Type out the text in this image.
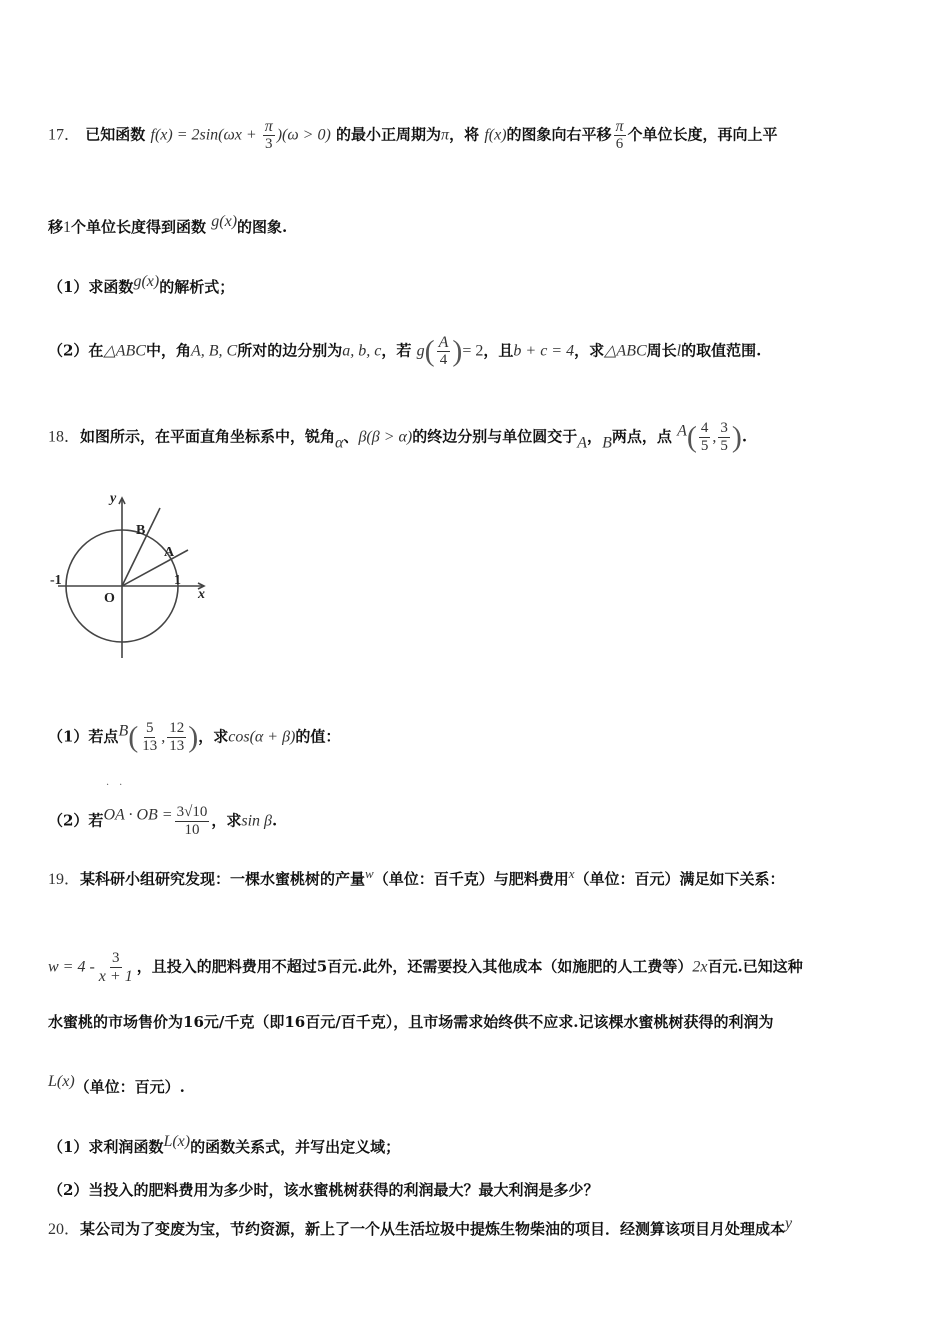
17． 已知函数 $f(x) = 2\sin(\omega x + \frac{\pi}{3} )(\omega > 0)$ 的最小正周期为π，将 f(x)的图象向右平移 $\frac{\pi}{6}$ 个单位长度，再向上平
移1个单位长度得到函数 g(x)的图象.
（1）求函数g(x)的解析式；
（2）在△ABC中，角A, B, C所对的边分别为a, b, c，若 $g( \frac{A}{4}$ )= 2，且b + c = 4，求△ABC周长l的取值范围.
18．如图所示，在平面直角坐标系中，锐角α、β(β > α)的终边分别与单位圆交于A，B两点，点 $A( \frac{4}{5}$ , $\frac{3}{5}$ ).
y
x
O
B
A
-1	1
（1）若点$B( \frac{5}{13}$ , $\frac{12}{13}$ )，求cos(α + β)的值：
·　·
（2）若OA · OB = $\frac{3√10}{10}$ ，求sin β.
19．某科研小组研究发现：一棵水蜜桃树的产量w（单位：百千克）与肥料费用x（单位：百元）满足如下关系：
$w = 4 - \frac{3}{x + 1}$ ，且投入的肥料费用不超过5百元.此外，还需要投入其他成本（如施肥的人工费等）2x百元.已知这种
水蜜桃的市场售价为16元/千克（即16百元/百千克），且市场需求始终供不应求.记该棵水蜜桃树获得的利润为
L(x)（单位：百元）.
（1）求利润函数L(x)的函数关系式，并写出定义域；
（2）当投入的肥料费用为多少时，该水蜜桃树获得的利润最大？最大利润是多少？
20．某公司为了变废为宝，节约资源，新上了一个从生活垃圾中提炼生物柴油的项目．经测算该项目月处理成本y
